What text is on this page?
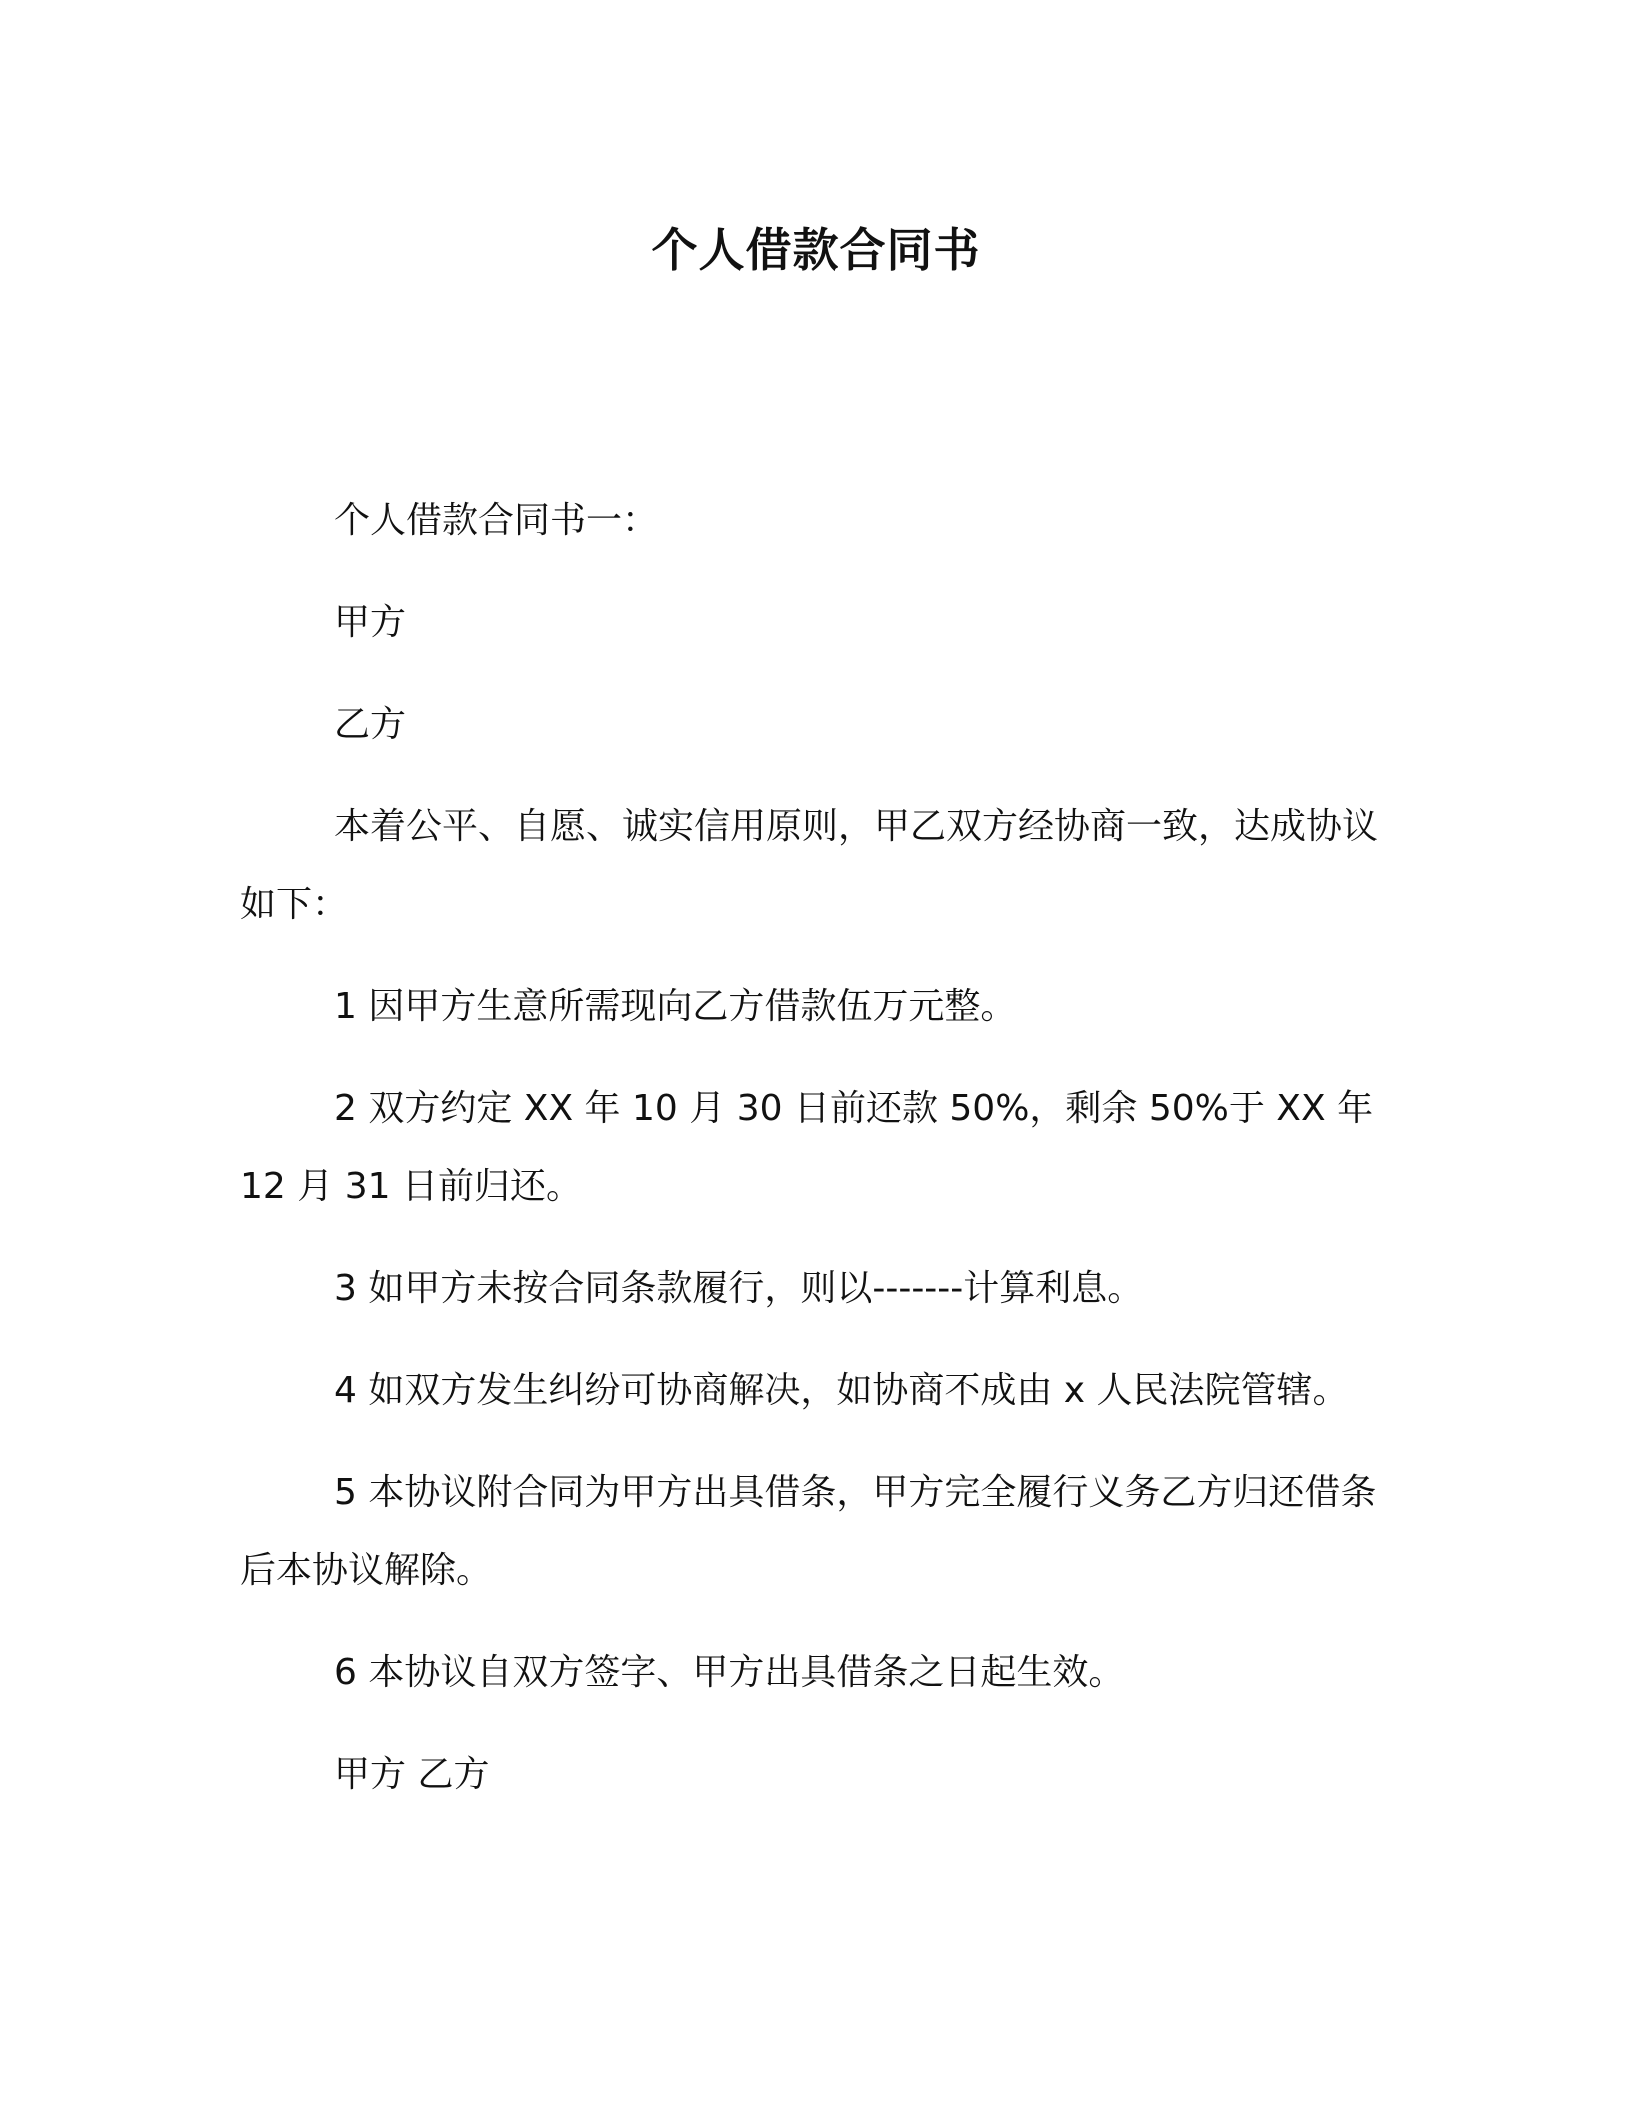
个人借款合同书
个人借款合同书一：
甲方
乙方
本着公平、自愿、诚实信用原则，甲乙双方经协商一致，达成协议如下：
1 因甲方生意所需现向乙方借款伍万元整。
2 双方约定 XX 年 10 月 30 日前还款 50%，剩余 50%于 XX 年 12 月 31 日前归还。
3 如甲方未按合同条款履行，则以-------计算利息。
4 如双方发生纠纷可协商解决，如协商不成由 x 人民法院管辖。
5 本协议附合同为甲方出具借条，甲方完全履行义务乙方归还借条后本协议解除。
6 本协议自双方签字、甲方出具借条之日起生效。
甲方 乙方
